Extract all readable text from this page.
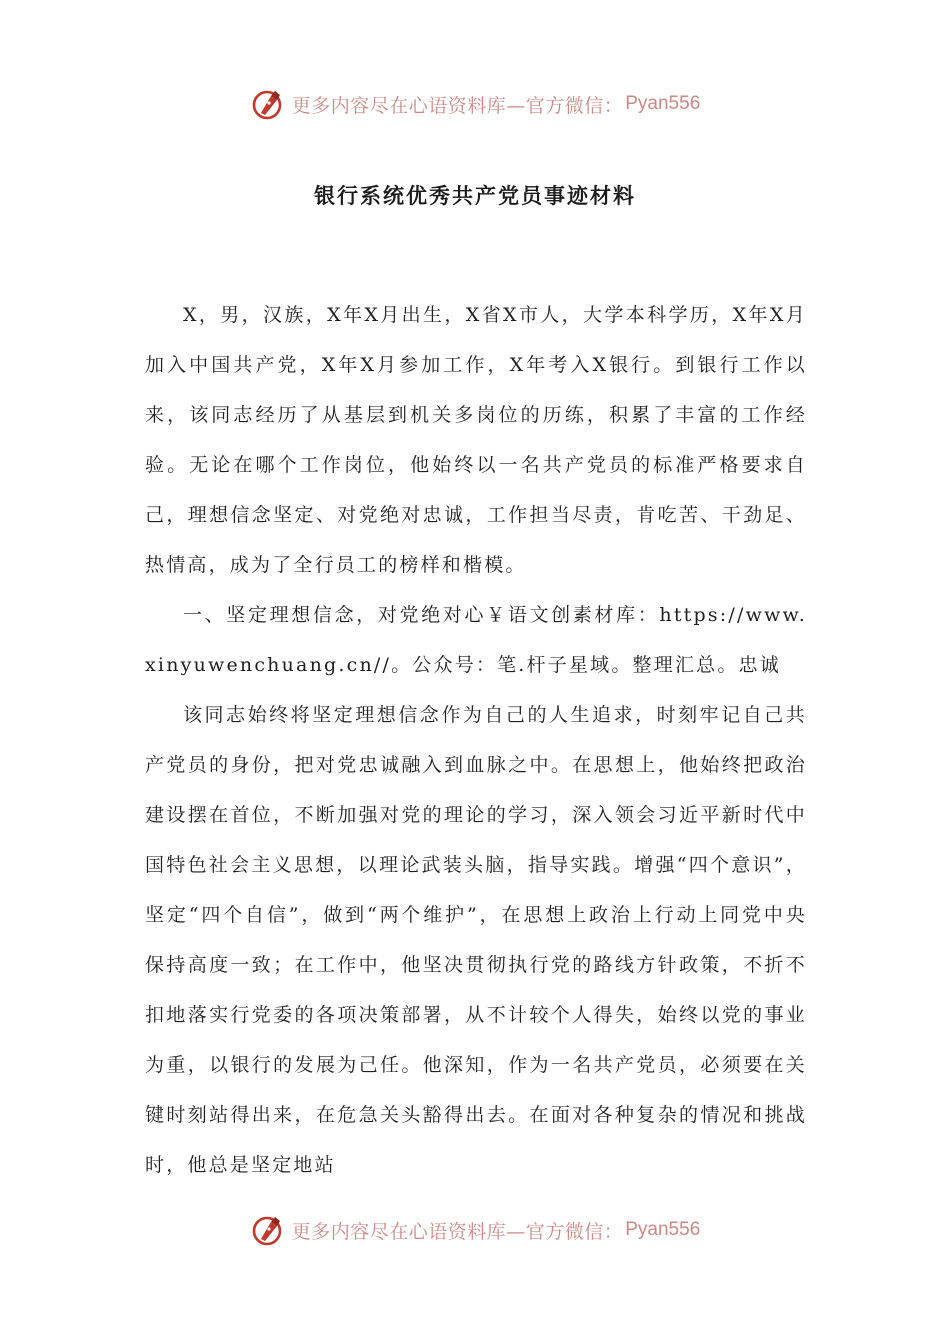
更多内容尽在心语资料库—官方微信： Pyan556
银行系统优秀共产党员事迹材料

X，男，汉族，X年X月出生，X省X市人，大学本科学历，X年X月加入中国共产党，X年X月参加工作，X年考入X银行。到银行工作以来，该同志经历了从基层到机关多岗位的历练，积累了丰富的工作经验。无论在哪个工作岗位，他始终以一名共产党员的标准严格要求自己，理想信念坚定、对党绝对忠诚，工作担当尽责，肯吃苦、干劲足、热情高，成为了全行员工的榜样和楷模。

一、坚定理想信念，对党绝对心￥语文创素材库：https://www.xinyuwenchuang.cn//。公众号：笔.杆子星域。整理汇总。忠诚

该同志始终将坚定理想信念作为自己的人生追求，时刻牢记自己共产党员的身份，把对党忠诚融入到血脉之中。在思想上，他始终把政治建设摆在首位，不断加强对党的理论的学习，深入领会习近平新时代中国特色社会主义思想，以理论武装头脑，指导实践。增强“四个意识”，坚定“四个自信”，做到“两个维护”，在思想上政治上行动上同党中央保持高度一致；在工作中，他坚决贯彻执行党的路线方针政策，不折不扣地落实行党委的各项决策部署，从不计较个人得失，始终以党的事业为重，以银行的发展为己任。他深知，作为一名共产党员，必须要在关键时刻站得出来，在危急关头豁得出去。在面对各种复杂的情况和挑战时，他总是坚定地站

更多内容尽在心语资料库—官方微信： Pyan556
